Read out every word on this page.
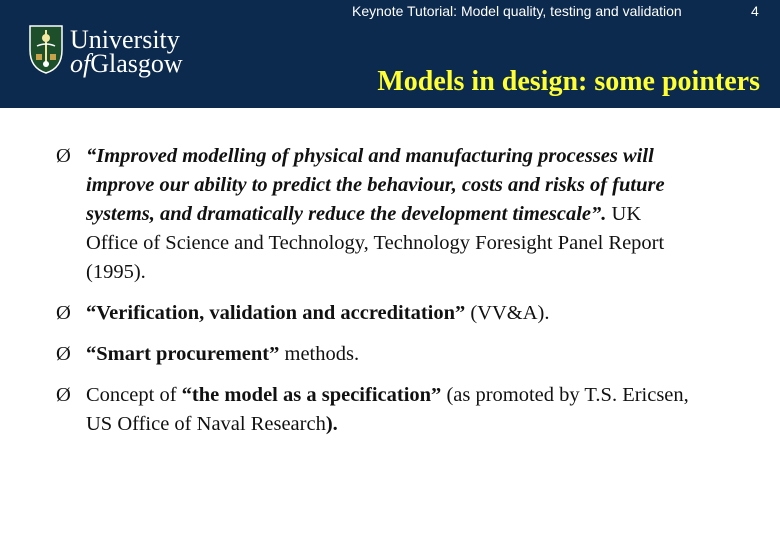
Keynote Tutorial: Model quality, testing and validation	4
University
ofGlasgow
Models in design: some pointers
Ø “Improved modelling of physical and manufacturing processes will improve our ability to predict the behaviour, costs and risks of future systems, and dramatically reduce the development timescale”. UK Office of Science and Technology, Technology Foresight Panel Report (1995).
Ø “Verification, validation and accreditation” (VV&A).
Ø “Smart procurement” methods.
Ø Concept of “the model as a specification” (as promoted by T.S. Ericsen, US Office of Naval Research).
